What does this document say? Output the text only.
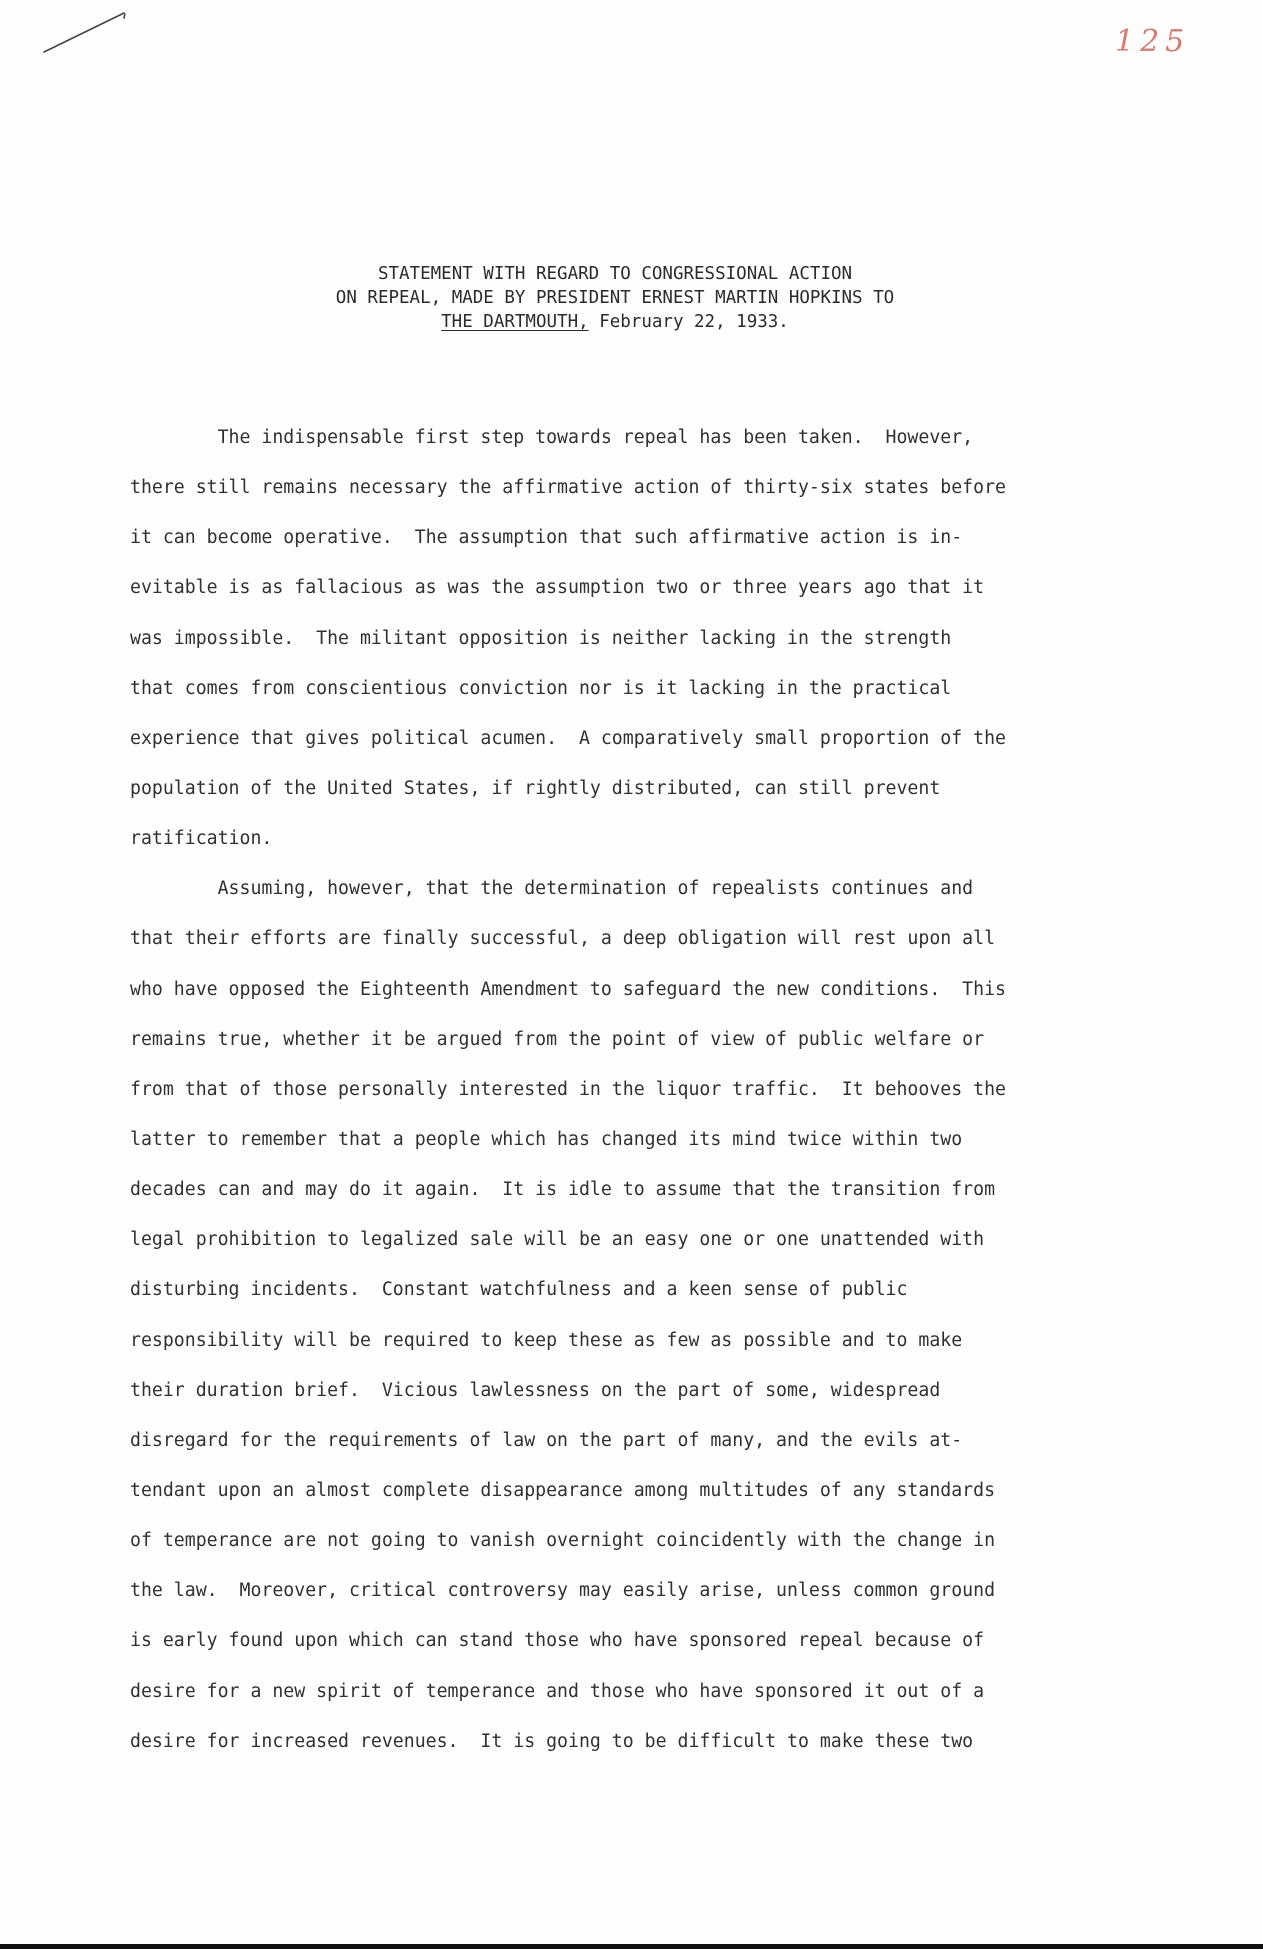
125
STATEMENT WITH REGARD TO CONGRESSIONAL ACTION
ON REPEAL, MADE BY PRESIDENT ERNEST MARTIN HOPKINS TO
THE DARTMOUTH, February 22, 1933.
The indispensable first step towards repeal has been taken.  However,
there still remains necessary the affirmative action of thirty-six states before
it can become operative.  The assumption that such affirmative action is in-
evitable is as fallacious as was the assumption two or three years ago that it
was impossible.  The militant opposition is neither lacking in the strength
that comes from conscientious conviction nor is it lacking in the practical
experience that gives political acumen.  A comparatively small proportion of the
population of the United States, if rightly distributed, can still prevent
ratification.
Assuming, however, that the determination of repealists continues and
that their efforts are finally successful, a deep obligation will rest upon all
who have opposed the Eighteenth Amendment to safeguard the new conditions.  This
remains true, whether it be argued from the point of view of public welfare or
from that of those personally interested in the liquor traffic.  It behooves the
latter to remember that a people which has changed its mind twice within two
decades can and may do it again.  It is idle to assume that the transition from
legal prohibition to legalized sale will be an easy one or one unattended with
disturbing incidents.  Constant watchfulness and a keen sense of public
responsibility will be required to keep these as few as possible and to make
their duration brief.  Vicious lawlessness on the part of some, widespread
disregard for the requirements of law on the part of many, and the evils at-
tendant upon an almost complete disappearance among multitudes of any standards
of temperance are not going to vanish overnight coincidently with the change in
the law.  Moreover, critical controversy may easily arise, unless common ground
is early found upon which can stand those who have sponsored repeal because of
desire for a new spirit of temperance and those who have sponsored it out of a
desire for increased revenues.  It is going to be difficult to make these two
